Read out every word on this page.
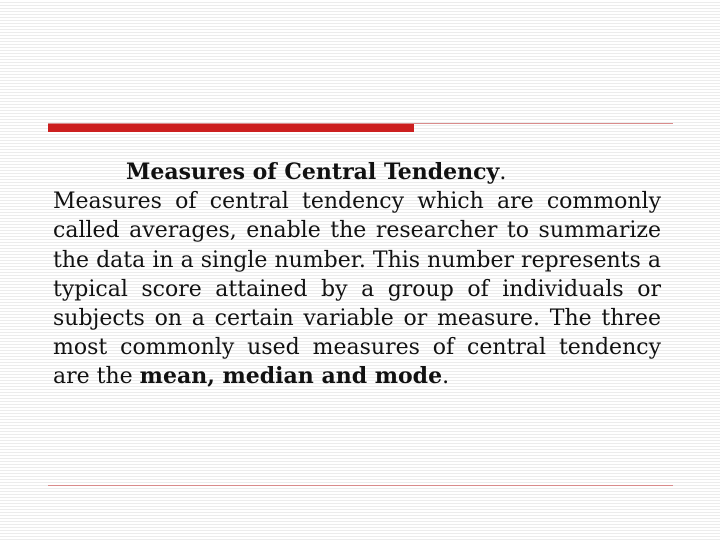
Measures of Central Tendency.
Measures of central tendency which are commonly called averages, enable the researcher to summarize the data in a single number. This number represents a typical score attained by a group of individuals or subjects on a certain variable or measure. The three most commonly used measures of central tendency are the mean, median and mode.
